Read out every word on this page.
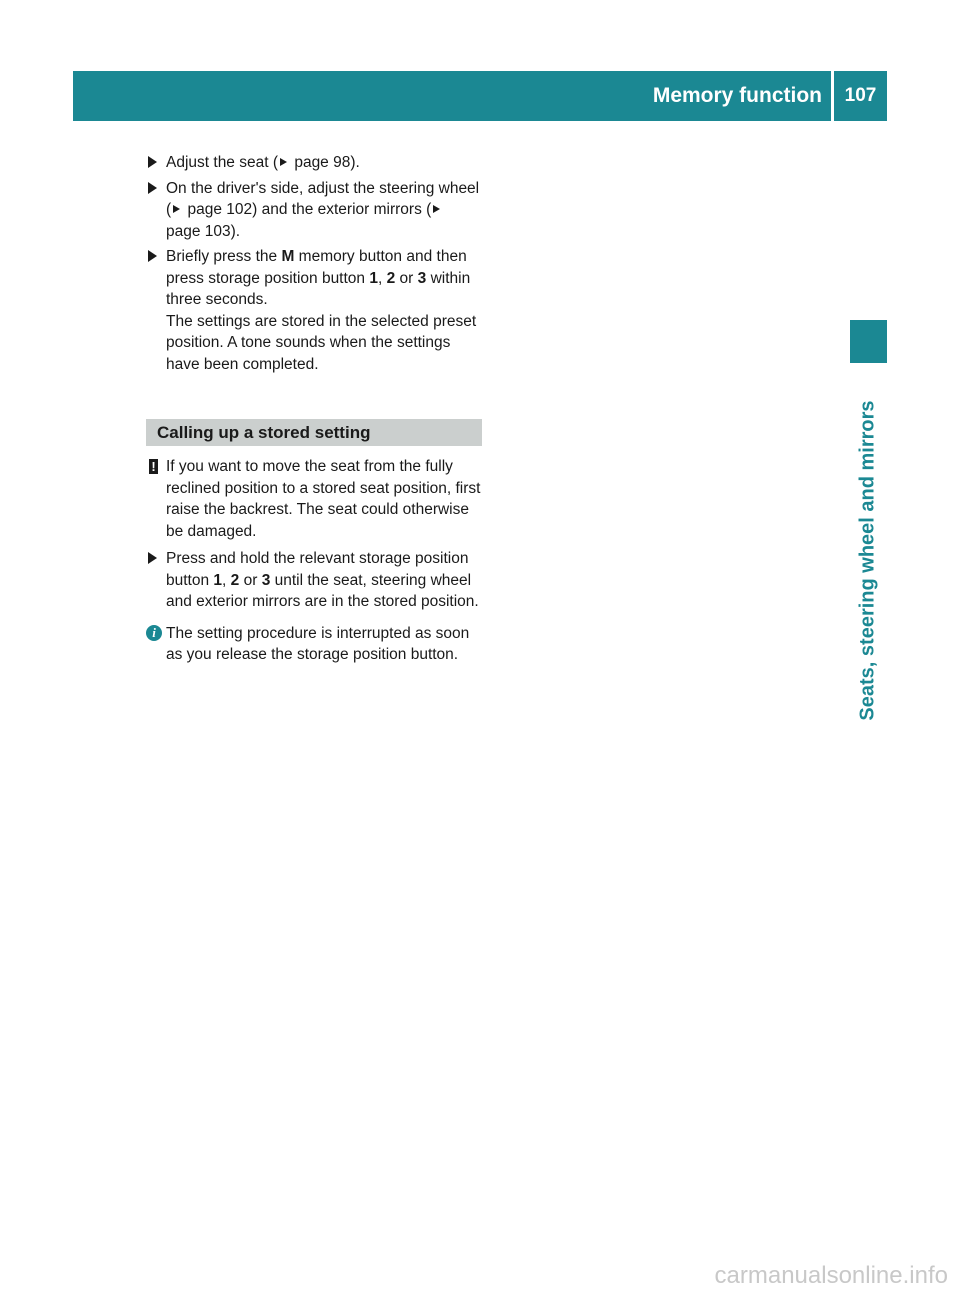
Memory function	107
Seats, steering wheel and mirrors
Adjust the seat ( page 98).
On the driver's side, adjust the steering wheel ( page 102) and the exterior mirrors ( page 103).
Briefly press the M memory button and then press storage position button 1, 2 or 3 within three seconds.
The settings are stored in the selected preset position. A tone sounds when the settings have been completed.
Calling up a stored setting
! If you want to move the seat from the fully reclined position to a stored seat position, first raise the backrest. The seat could otherwise be damaged.
Press and hold the relevant storage position button 1, 2 or 3 until the seat, steering wheel and exterior mirrors are in the stored position.
i The setting procedure is interrupted as soon as you release the storage position button.
carmanualsonline.info
